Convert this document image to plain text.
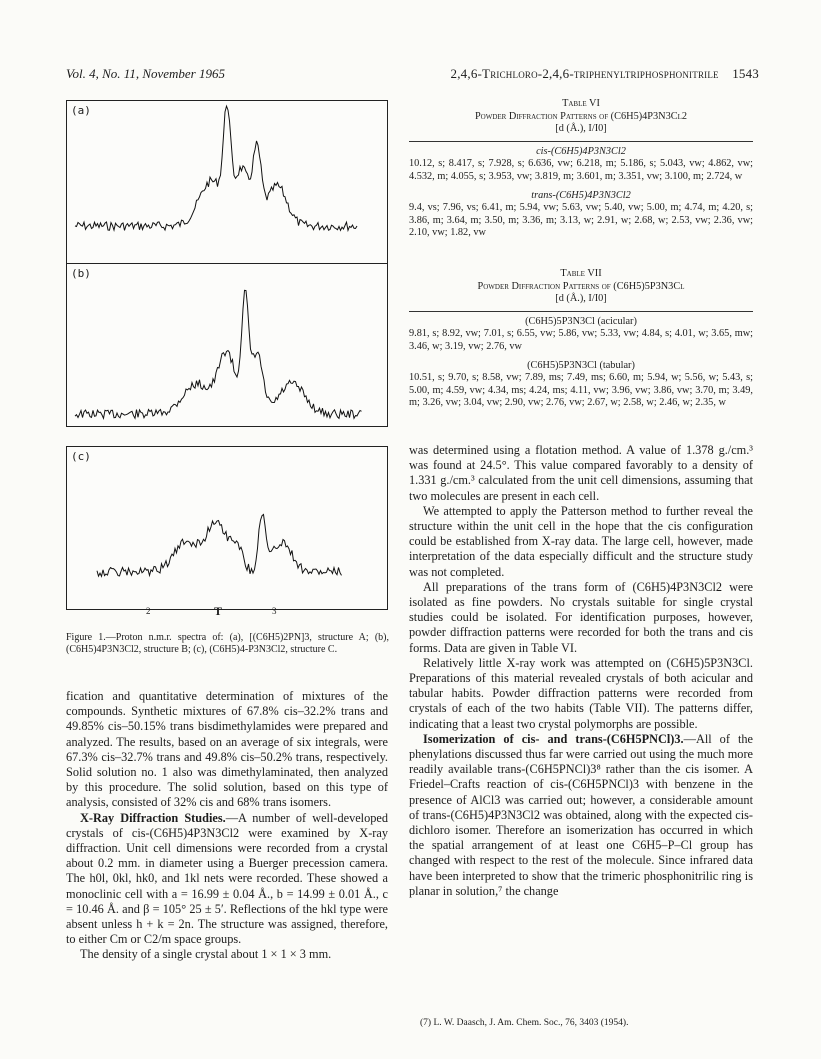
Vol. 4, No. 11, November 1965	2,4,6-Trichloro-2,4,6-triphenyltriphosphonitrile 1543
(a)
(b)
(c)
2	T	3
Figure 1.—Proton n.m.r. spectra of: (a), [(C6H5)2PN]3, structure A; (b), (C6H5)4P3N3Cl2, structure B; (c), (C6H5)4-P3N3Cl2, structure C.

fication and quantitative determination of mixtures of the compounds. Synthetic mixtures of 67.8% cis–32.2% trans and 49.85% cis–50.15% trans bisdimethylamides were prepared and analyzed. The results, based on an average of six integrals, were 67.3% cis–32.7% trans and 49.8% cis–50.2% trans, respectively. Solid solution no. 1 also was dimethylaminated, then analyzed by this procedure. The solid solution, based on this type of analysis, consisted of 32% cis and 68% trans isomers.

X-Ray Diffraction Studies.—A number of well-developed crystals of cis-(C6H5)4P3N3Cl2 were examined by X-ray diffraction. Unit cell dimensions were recorded from a crystal about 0.2 mm. in diameter using a Buerger precession camera. The h0l, 0kl, hk0, and 1kl nets were recorded. These showed a monoclinic cell with a = 16.99 ± 0.04 Å., b = 14.99 ± 0.01 Å., c = 10.46 Å. and β = 105° 25 ± 5′. Reflections of the hkl type were absent unless h + k = 2n. The structure was assigned, therefore, to either Cm or C2/m space groups.

The density of a single crystal about 1 × 1 × 3 mm.

Table VI
Powder Diffraction Patterns of (C6H5)4P3N3Cl2
[d (Å.), I/I0]
cis-(C6H5)4P3N3Cl2
10.12, s; 8.417, s; 7.928, s; 6.636, vw; 6.218, m; 5.186, s; 5.043, vw; 4.862, vw; 4.532, m; 4.055, s; 3.953, vw; 3.819, m; 3.601, m; 3.351, vw; 3.100, m; 2.724, w
trans-(C6H5)4P3N3Cl2
9.4, vs; 7.96, vs; 6.41, m; 5.94, vw; 5.63, vw; 5.40, vw; 5.00, m; 4.74, m; 4.20, s; 3.86, m; 3.64, m; 3.50, m; 3.36, m; 3.13, w; 2.91, w; 2.68, w; 2.53, vw; 2.36, vw; 2.10, vw; 1.82, vw
Table VII
Powder Diffraction Patterns of (C6H5)5P3N3Cl
[d (Å.), I/I0]
(C6H5)5P3N3Cl (acicular)
9.81, s; 8.92, vw; 7.01, s; 6.55, vw; 5.86, vw; 5.33, vw; 4.84, s; 4.01, w; 3.65, mw; 3.46, w; 3.19, vw; 2.76, vw
(C6H5)5P3N3Cl (tabular)
10.51, s; 9.70, s; 8.58, vw; 7.89, ms; 7.49, ms; 6.60, m; 5.94, w; 5.56, w; 5.43, s; 5.00, m; 4.59, vw; 4.34, ms; 4.24, ms; 4.11, vw; 3.96, vw; 3.86, vw; 3.70, m; 3.49, m; 3.26, vw; 3.04, vw; 2.90, vw; 2.76, vw; 2.67, w; 2.58, w; 2.46, w; 2.35, w

was determined using a flotation method. A value of 1.378 g./cm.³ was found at 24.5°. This value compared favorably to a density of 1.331 g./cm.³ calculated from the unit cell dimensions, assuming that two molecules are present in each cell.

We attempted to apply the Patterson method to further reveal the structure within the unit cell in the hope that the cis configuration could be established from X-ray data. The large cell, however, made interpretation of the data especially difficult and the structure study was not completed.

All preparations of the trans form of (C6H5)4P3N3Cl2 were isolated as fine powders. No crystals suitable for single crystal studies could be isolated. For identification purposes, however, powder diffraction patterns were recorded for both the trans and cis forms. Data are given in Table VI.

Relatively little X-ray work was attempted on (C6H5)5P3N3Cl. Preparations of this material revealed crystals of both acicular and tabular habits. Powder diffraction patterns were recorded from crystals of each of the two habits (Table VII). The patterns differ, indicating that a least two crystal polymorphs are possible.

Isomerization of cis- and trans-(C6H5PNCl)3.—All of the phenylations discussed thus far were carried out using the much more readily available trans-(C6H5PNCl)3⁸ rather than the cis isomer. A Friedel–Crafts reaction of cis-(C6H5PNCl)3 with benzene in the presence of AlCl3 was carried out; however, a considerable amount of trans-(C6H5)4P3N3Cl2 was obtained, along with the expected cis-dichloro isomer. Therefore an isomerization has occurred in which the spatial arrangement of at least one C6H5–P–Cl group has changed with respect to the rest of the molecule. Since infrared data have been interpreted to show that the trimeric phosphonitrilic ring is planar in solution,⁷ the change

(7) L. W. Daasch, J. Am. Chem. Soc., 76, 3403 (1954).
